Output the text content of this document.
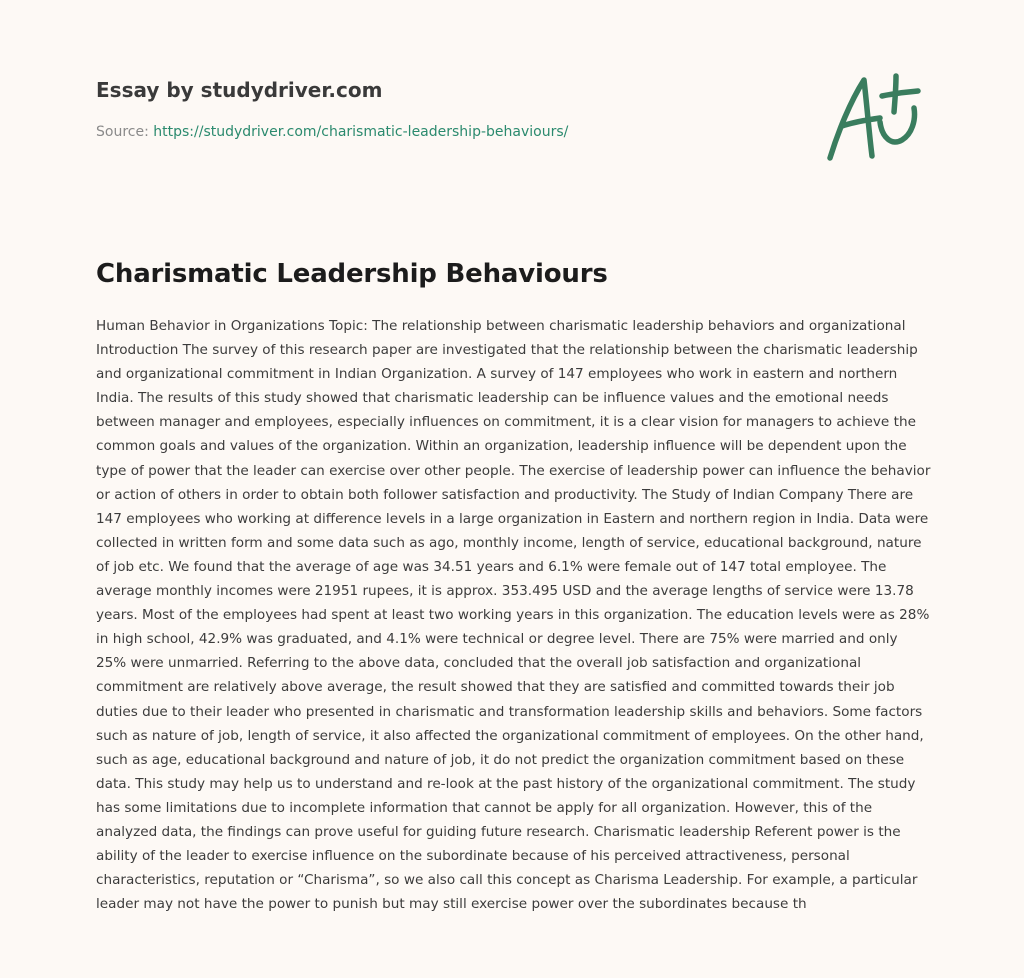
Essay by studydriver.com
Source: https://studydriver.com/charismatic-leadership-behaviours/
Charismatic Leadership Behaviours

Human Behavior in Organizations Topic: The relationship between charismatic leadership behaviors and organizational Introduction The survey of this research paper are investigated that the relationship between the charismatic leadership and organizational commitment in Indian Organization. A survey of 147 employees who work in eastern and northern India. The results of this study showed that charismatic leadership can be influence values and the emotional needs between manager and employees, especially influences on commitment, it is a clear vision for managers to achieve the common goals and values of the organization. Within an organization, leadership influence will be dependent upon the type of power that the leader can exercise over other people. The exercise of leadership power can influence the behavior or action of others in order to obtain both follower satisfaction and productivity. The Study of Indian Company There are 147 employees who working at difference levels in a large organization in Eastern and northern region in India. Data were collected in written form and some data such as ago, monthly income, length of service, educational background, nature of job etc. We found that the average of age was 34.51 years and 6.1% were female out of 147 total employee. The average monthly incomes were 21951 rupees, it is approx. 353.495 USD and the average lengths of service were 13.78 years. Most of the employees had spent at least two working years in this organization. The education levels were as 28% in high school, 42.9% was graduated, and 4.1% were technical or degree level. There are 75% were married and only 25% were unmarried. Referring to the above data, concluded that the overall job satisfaction and organizational commitment are relatively above average, the result showed that they are satisfied and committed towards their job duties due to their leader who presented in charismatic and transformation leadership skills and behaviors. Some factors such as nature of job, length of service, it also affected the organizational commitment of employees. On the other hand, such as age, educational background and nature of job, it do not predict the organization commitment based on these data. This study may help us to understand and re-look at the past history of the organizational commitment. The study has some limitations due to incomplete information that cannot be apply for all organization. However, this of the analyzed data, the findings can prove useful for guiding future research. Charismatic leadership Referent power is the ability of the leader to exercise influence on the subordinate because of his perceived attractiveness, personal characteristics, reputation or “Charisma”, so we also call this concept as Charisma Leadership. For example, a particular leader may not have the power to punish but may still exercise power over the subordinates because th
